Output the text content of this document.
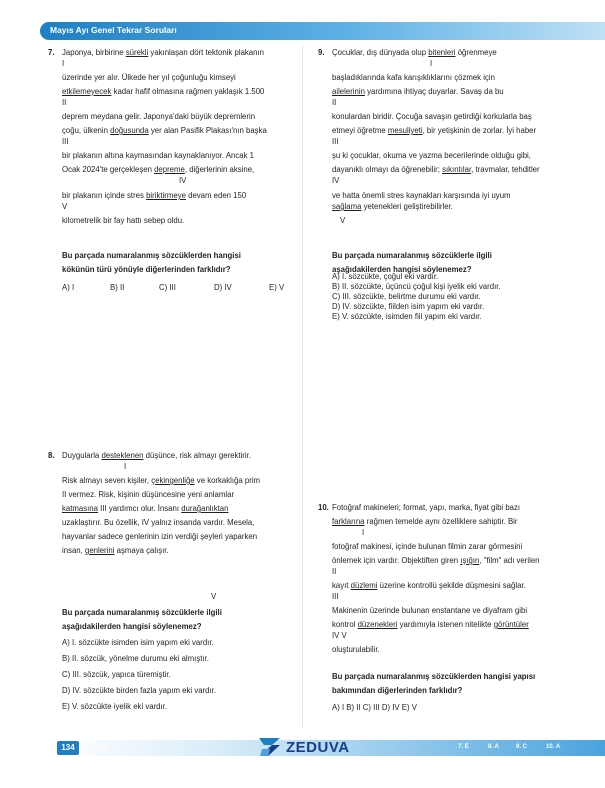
Mayıs Ayı Genel Tekrar Soruları
7. Japonya, birbirine sürekli yakınlaşan dört tektonik plakanın
I
üzerinde yer alır. Ülkede her yıl çoğunluğu kimseyi
etkilemeyecek kadar hafif olmasına rağmen yaklaşık 1.500
II
deprem meydana gelir. Japonya'daki büyük depremlerin
çoğu, ülkenin doğusunda yer alan Pasifik Plakası'nın başka
III
bir plakanın altına kaymasından kaynaklanıyor. Ancak 1
Ocak 2024'te gerçekleşen depreme, diğerlerinin aksine,
IV
bir plakanın içinde stres biriktirmeye devam eden 150
V
kilometrelik bir fay hattı sebep oldu.
Bu parçada numaralanmış sözcüklerden hangisi
kökünün türü yönüyle diğerlerinden farklıdır?
A) I	B) II	C) III	D) IV	E) V
9. Çocuklar, dış dünyada olup bitenleri öğrenmeye
I
başladıklarında kafa karışıklıklarını çözmek için
ailelerinin yardımına ihtiyaç duyarlar. Savaş da bu
II
konulardan biridir. Çocuğa savaşın getirdiği korkularla baş
etmeyi öğretme mesuliyeti, bir yetişkinin de zorlar. İyi haber
III
şu ki çocuklar, okuma ve yazma becerilerinde olduğu gibi,
dayanıklı olmayı da öğrenebilir; sıkıntılar, travmalar, tehditler
IV
ve hatta önemli stres kaynakları karşısında iyi uyum
sağlama yetenekleri geliştirebilirler.
V
Bu parçada numaralanmış sözcüklerle ilgili
aşağıdakilerden hangisi söylenemez?
A) I. sözcükte, çoğul eki vardır.
B) II. sözcükte, üçüncü çoğul kişi iyelik eki vardır.
C) III. sözcükte, belirtme durumu eki vardır.
D) IV. sözcükte, fiilden isim yapım eki vardır.
E) V. sözcükte, isimden fiil yapım eki vardır.
8. Duygularla desteklenen düşünce, risk almayı gerektirir.
I
Risk almayı seven kişiler, çekingenliğe ve korkaklığa prim
II vermez. Risk, kişinin düşüncesine yeni anlamlar
katmasına III yardımcı olur. İnsanı durağanlıktan
uzaklaştırır. Bu özellik, IV yalnız insanda vardır. Mesela,
hayvanlar sadece genlerinin izin verdiği şeyleri yaparken
insan, genlerini aşmaya çalışır.
V
Bu parçada numaralanmış sözcüklerle ilgili
aşağıdakilerden hangisi söylenemez?
A) I. sözcükte isimden isim yapım eki vardır.
B) II. sözcük, yönelme durumu eki almıştır.
C) III. sözcük, yapıca türemiştir.
D) IV. sözcükte birden fazla yapım eki vardır.
E) V. sözcükte iyelik eki vardır.
10. Fotoğraf makineleri; format, yapı, marka, fiyat gibi bazı
farklarına rağmen temelde aynı özelliklere sahiptir. Bir
I
fotoğraf makinesi, içinde bulunan filmin zarar görmesini
önlemek için vardır. Objektiften giren ışığın, "film" adı verilen
II
kayıt düzlemi üzerine kontrollü şekilde düşmesini sağlar.
III
Makinenin üzerinde bulunan enstantane ve diyafram gibi
kontrol düzenekleri yardımıyla istenen nitelikte görüntüler
IV V
oluşturulabilir.
Bu parçada numaralanmış sözcüklerden hangisi yapısı
bakımından diğerlerinden farklıdır?
A) I B) II C) III D) IV E) V
134	ZEDUVA	7. E	8. A	9. C	10. A
